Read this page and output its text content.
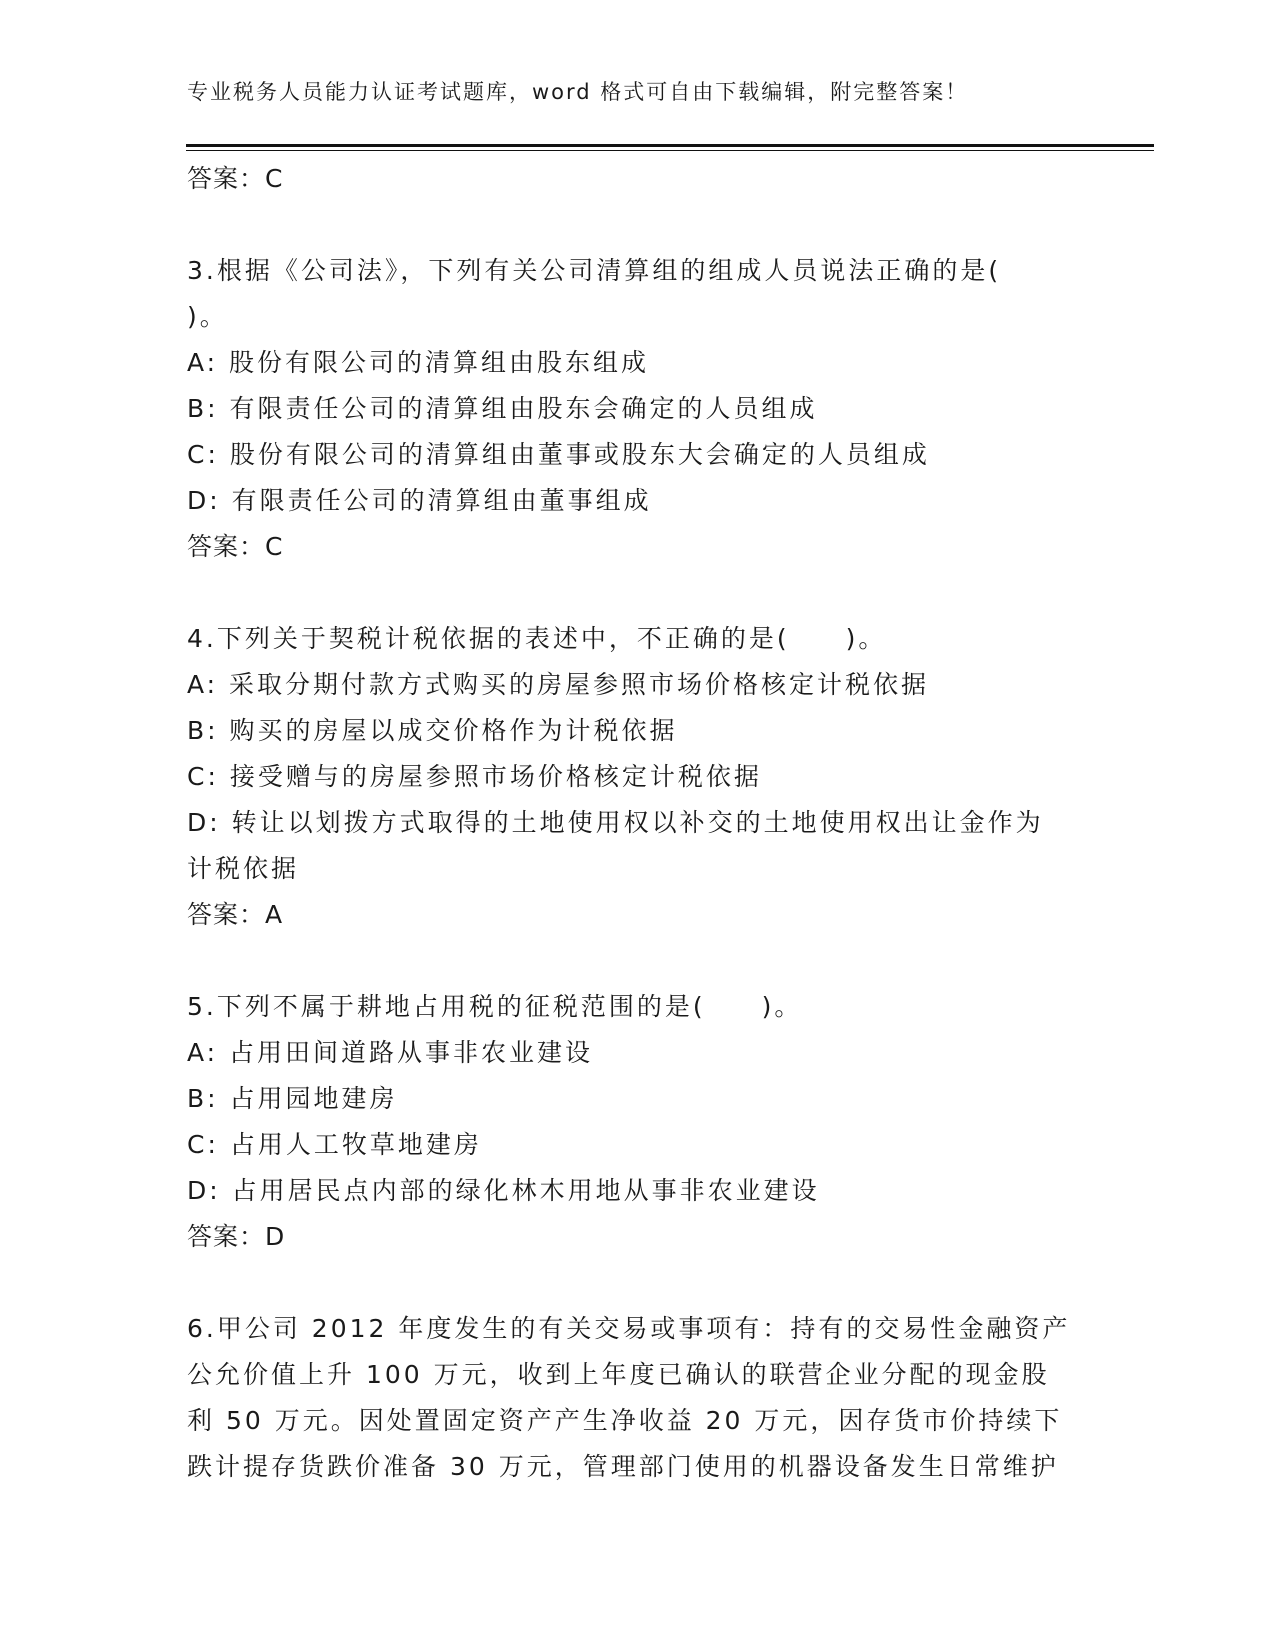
专业税务人员能力认证考试题库，word 格式可自由下载编辑，附完整答案！
答案：C
3.根据《公司法》，下列有关公司清算组的组成人员说法正确的是(
)。
A: 股份有限公司的清算组由股东组成
B: 有限责任公司的清算组由股东会确定的人员组成
C: 股份有限公司的清算组由董事或股东大会确定的人员组成
D: 有限责任公司的清算组由董事组成
答案：C
4.下列关于契税计税依据的表述中，不正确的是(　　)。
A: 采取分期付款方式购买的房屋参照市场价格核定计税依据
B: 购买的房屋以成交价格作为计税依据
C: 接受赠与的房屋参照市场价格核定计税依据
D: 转让以划拨方式取得的土地使用权以补交的土地使用权出让金作为
计税依据
答案：A
5.下列不属于耕地占用税的征税范围的是(　　)。
A: 占用田间道路从事非农业建设
B: 占用园地建房
C: 占用人工牧草地建房
D: 占用居民点内部的绿化林木用地从事非农业建设
答案：D
6.甲公司 2012 年度发生的有关交易或事项有：持有的交易性金融资产
公允价值上升 100 万元，收到上年度已确认的联营企业分配的现金股
利 50 万元。因处置固定资产产生净收益 20 万元，因存货市价持续下
跌计提存货跌价准备 30 万元，管理部门使用的机器设备发生日常维护
